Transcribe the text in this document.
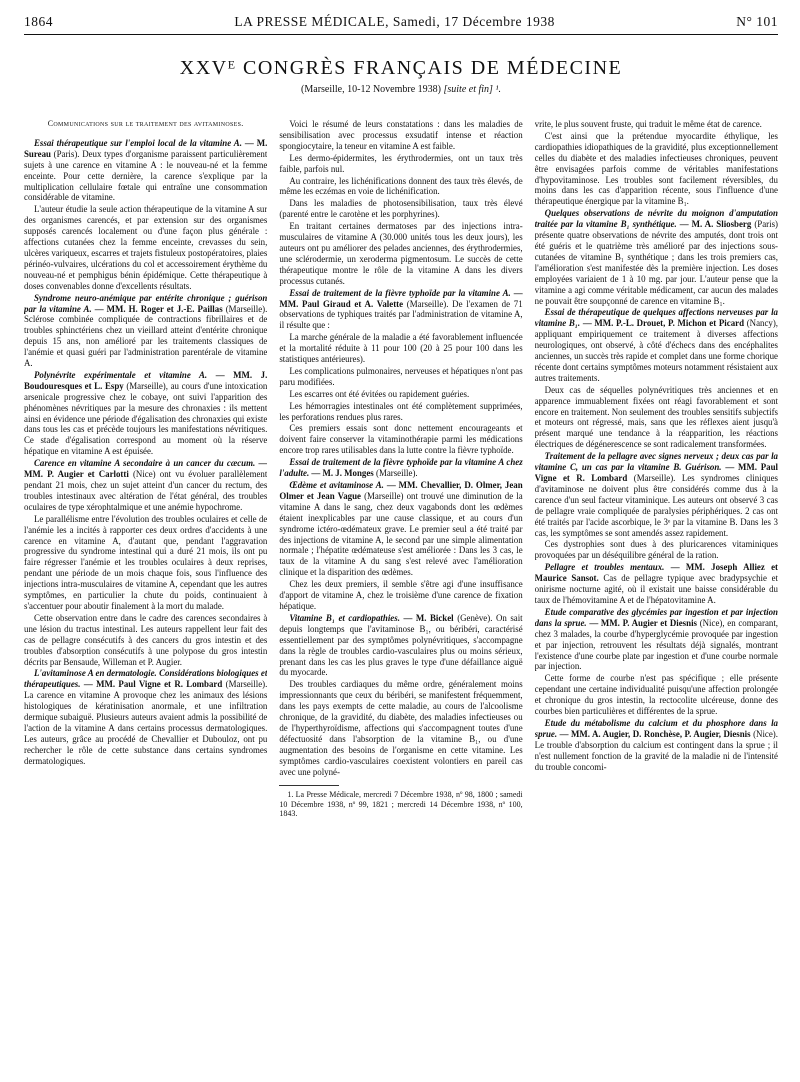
1864	LA PRESSE MÉDICALE, Samedi, 17 Décembre 1938	N° 101
XXVᴱ CONGRÈS FRANÇAIS DE MÉDECINE
(Marseille, 10-12 Novembre 1938) [suite et fin] ¹.
Communications sur le traitement des avitaminoses.

Essai thérapeutique sur l'emploi local de la vitamine A. — M. Sureau (Paris). Deux types d'organisme paraissent particulièrement sujets à une carence en vitamine A : le nouveau-né et la femme enceinte. Pour cette dernière, la carence s'explique par la multiplication cellulaire fœtale qui entraîne une consommation considérable de vitamine.

L'auteur étudie la seule action thérapeutique de la vitamine A sur des organismes carencés, et par extension sur des organismes supposés carencés localement ou d'une façon plus générale : affections cutanées chez la femme enceinte, crevasses du sein, ulcères variqueux, escarres et trajets fistuleux postopératoires, plaies périnéo-vulvaires, ulcérations du col et accessoirement érythème du nouveau-né et pemphigus bénin épidémique. Cette thérapeutique à doses convenables donne d'excellents résultats.

Syndrome neuro-anémique par entérite chronique ; guérison par la vitamine A. — MM. H. Roger et J.-E. Paillas (Marseille). Sclérose combinée compliquée de contractions fibrillaires et de troubles sphinctériens chez un vieillard atteint d'entérite chronique depuis 15 ans, non amélioré par les traitements classiques de l'anémie et quasi guéri par l'administration parentérale de vitamine A.

Polynévrite expérimentale et vitamine A. — MM. J. Boudouresques et L. Espy (Marseille), au cours d'une intoxication arsenicale progressive chez le cobaye, ont suivi l'apparition des phénomènes névritiques par la mesure des chronaxies : ils mettent ainsi en évidence une période d'égalisation des chronaxies qui existe dans tous les cas et précède toujours les manifestations névritiques. Ce stade d'égalisation correspond au moment où la réserve hépatique en vitamine A est épuisée.

Carence en vitamine A secondaire à un cancer du cæcum. — MM. P. Augier et Carlotti (Nice) ont vu évoluer parallèlement pendant 21 mois, chez un sujet atteint d'un cancer du rectum, des troubles intestinaux avec altération de l'état général, des troubles oculaires de type xérophtalmique et une anémie hypochrome.

Le parallélisme entre l'évolution des troubles oculaires et celle de l'anémie les a incités à rapporter ces deux ordres d'accidents à une carence en vitamine A, d'autant que, pendant l'aggravation progressive du syndrome intestinal qui a duré 21 mois, ils ont pu faire régresser l'anémie et les troubles oculaires à deux reprises, pendant une période de un mois chaque fois, sous l'influence des injections intra-musculaires de vitamine A, cependant que les autres symptômes, en particulier la chute du poids, continuaient à s'accentuer pour aboutir finalement à la mort du malade.

Cette observation entre dans le cadre des carences secondaires à une lésion du tractus intestinal. Les auteurs rappellent leur fait des cas de pellagre consécutifs à des cancers du gros intestin et des troubles d'absorption consécutifs à une polypose du gros intestin décrits par Bensaude, Willeman et P. Augier.

L'avitaminose A en dermatologie. Considérations biologiques et thérapeutiques. — MM. Paul Vigne et R. Lombard (Marseille). La carence en vitamine A provoque chez les animaux des lésions histologiques de kératinisation anormale, et une infiltration dermique subaiguë. Plusieurs auteurs avaient admis la possibilité de l'action de la vitamine A dans certains processus dermatologiques. Les auteurs, grâce au procédé de Chevallier et Dubouloz, ont pu rechercher le rôle de cette substance dans certains syndromes dermatologiques.

Voici le résumé de leurs constatations : dans les maladies de sensibilisation avec processus exsudatif intense et réaction spongiocytaire, la teneur en vitamine A est faible.

Les dermo-épidermites, les érythrodermies, ont un taux très faible, parfois nul.

Au contraire, les lichénifications donnent des taux très élevés, de même les eczémas en voie de lichénification.

Dans les maladies de photosensibilisation, taux très élevé (parenté entre le carotène et les porphyrines).

En traitant certaines dermatoses par des injections intra-musculaires de vitamine A (30.000 unités tous les deux jours), les auteurs ont pu améliorer des pelades anciennes, des érythrodermies, une sclérodermie, un xeroderma pigmentosum. Le succès de cette thérapeutique montre le rôle de la vitamine A dans les divers processus cutanés.

Essai de traitement de la fièvre typhoïde par la vitamine A. — MM. Paul Giraud et A. Valette (Marseille). De l'examen de 71 observations de typhiques traités par l'administration de vitamine A, il résulte que :

La marche générale de la maladie a été favorablement influencée et la mortalité réduite à 11 pour 100 (20 à 25 pour 100 dans les statistiques antérieures).

Les complications pulmonaires, nerveuses et hépatiques n'ont pas paru modifiées.

Les escarres ont été évitées ou rapidement guéries.

Les hémorragies intestinales ont été complètement supprimées, les perforations rendues plus rares.

Ces premiers essais sont donc nettement encourageants et doivent faire conserver la vitaminothérapie parmi les médications encore trop rares utilisables dans la lutte contre la fièvre typhoïde.

Essai de traitement de la fièvre typhoïde par la vitamine A chez l'adulte. — M. J. Monges (Marseille).

Œdème et avitaminose A. — MM. Chevallier, D. Olmer, Jean Olmer et Jean Vague (Marseille) ont trouvé une diminution de la vitamine A dans le sang, chez deux vagabonds dont les œdèmes étaient inexplicables par une cause classique, et au cours d'un syndrome ictéro-œdémateux grave. Le premier seul a été traité par des injections de vitamine A, le second par une simple alimentation normale ; l'hépatite œdémateuse s'est améliorée : Dans les 3 cas, le taux de la vitamine A du sang s'est relevé avec l'amélioration clinique et la disparition des œdèmes.

Chez les deux premiers, il semble s'être agi d'une insuffisance d'apport de vitamine A, chez le troisième d'une carence de fixation hépatique.

Vitamine B₁ et cardiopathies. — M. Bickel (Genève). On sait depuis longtemps que l'avitaminose B₁, ou béribéri, caractérisé essentiellement par des symptômes polynévritiques, s'accompagne dans la règle de troubles cardio-vasculaires plus ou moins sérieux, prenant dans les cas les plus graves le type d'une défaillance aiguë du myocarde.

Des troubles cardiaques du même ordre, généralement moins impressionnants que ceux du béribéri, se manifestent fréquemment, dans les pays exempts de cette maladie, au cours de l'alcoolisme chronique, de la gravidité, du diabète, des maladies infectieuses ou de l'hyperthyroïdisme, affections qui s'accompagnent toutes d'une défectuosité dans l'absorption de la vitamine B₁, ou d'une augmentation des besoins de l'organisme en cette vitamine. Les symptômes cardio-vasculaires coexistent volontiers en pareil cas avec une polyné-

1. La Presse Médicale, mercredi 7 Décembre 1938, nº 98, 1800 ; samedi 10 Décembre 1938, nº 99, 1821 ; mercredi 14 Décembre 1938, nº 100, 1843.

vrite, le plus souvent fruste, qui traduit le même état de carence.

C'est ainsi que la prétendue myocardite éthylique, les cardiopathies idiopathiques de la gravidité, plus exceptionnellement celles du diabète et des maladies infectieuses chroniques, peuvent être envisagées parfois comme de véritables manifestations d'hypovitaminose. Les troubles sont facilement réversibles, du moins dans les cas d'apparition récente, sous l'influence d'une thérapeutique énergique par la vitamine B₁.

Quelques observations de névrite du moignon d'amputation traitée par la vitamine B₁ synthétique. — M. A. Sliosberg (Paris) présente quatre observations de névrite des amputés, dont trois ont été guéris et le quatrième très amélioré par des injections sous-cutanées de vitamine B₁ synthétique ; dans les trois premiers cas, l'amélioration s'est manifestée dès la première injection. Les doses employées variaient de 1 à 10 mg. par jour. L'auteur pense que la vitamine a agi comme véritable médicament, car aucun des malades ne pouvait être soupçonné de carence en vitamine B₁.

Essai de thérapeutique de quelques affections nerveuses par la vitamine B₁. — MM. P.-L. Drouet, P. Michon et Picard (Nancy), appliquant empiriquement ce traitement à diverses affections neurologiques, ont observé, à côté d'échecs dans des encéphalites anciennes, un succès très rapide et complet dans une forme chorique récente dont certains symptômes moteurs notamment résistaient aux autres traitements.

Deux cas de séquelles polynévritiques très anciennes et en apparence immuablement fixées ont réagi favorablement et sont encore en traitement. Non seulement des troubles sensitifs subjectifs et moteurs ont régressé, mais, sans que les réflexes aient jusqu'à présent marqué une tendance à la réapparition, les réactions électriques de dégénerescence se sont radicalement transformées.

Traitement de la pellagre avec signes nerveux ; deux cas par la vitamine C, un cas par la vitamine B. Guérison. — MM. Paul Vigne et R. Lombard (Marseille). Les syndromes cliniques d'avitaminose ne doivent plus être considérés comme dus à la carence d'un seul facteur vitaminique. Les auteurs ont observé 3 cas de pellagre vraie compliquée de paralysies périphériques. 2 cas ont été traités par l'acide ascorbique, le 3ᵉ par la vitamine B. Dans les 3 cas, les symptômes se sont amendés assez rapidement.

Ces dystrophies sont dues à des pluricarences vitaminiques provoquées par un déséquilibre général de la ration.

Pellagre et troubles mentaux. — MM. Joseph Alliez et Maurice Sansot. Cas de pellagre typique avec bradypsychie et onirisme nocturne agité, où il existait une baisse considérable du taux de l'hémovitamine A et de l'hépatovitamine A.

Etude comparative des glycémies par ingestion et par injection dans la sprue. — MM. P. Augier et Diesnis (Nice), en comparant, chez 3 malades, la courbe d'hyperglycémie provoquée par ingestion et par injection, retrouvent les résultats déjà signalés, montrant l'existence d'une courbe plate par ingestion et d'une courbe normale par injection.

Cette forme de courbe n'est pas spécifique ; elle présente cependant une certaine individualité puisqu'une affection prolongée et chronique du gros intestin, la rectocolite ulcéreuse, donne des courbes bien particulières et différentes de la sprue.

Etude du métabolisme du calcium et du phosphore dans la sprue. — MM. A. Augier, D. Ronchèse, P. Augier, Diesnis (Nice). Le trouble d'absorption du calcium est contingent dans la sprue ; il n'est nullement fonction de la gravité de la maladie ni de l'intensité du trouble concomi-
